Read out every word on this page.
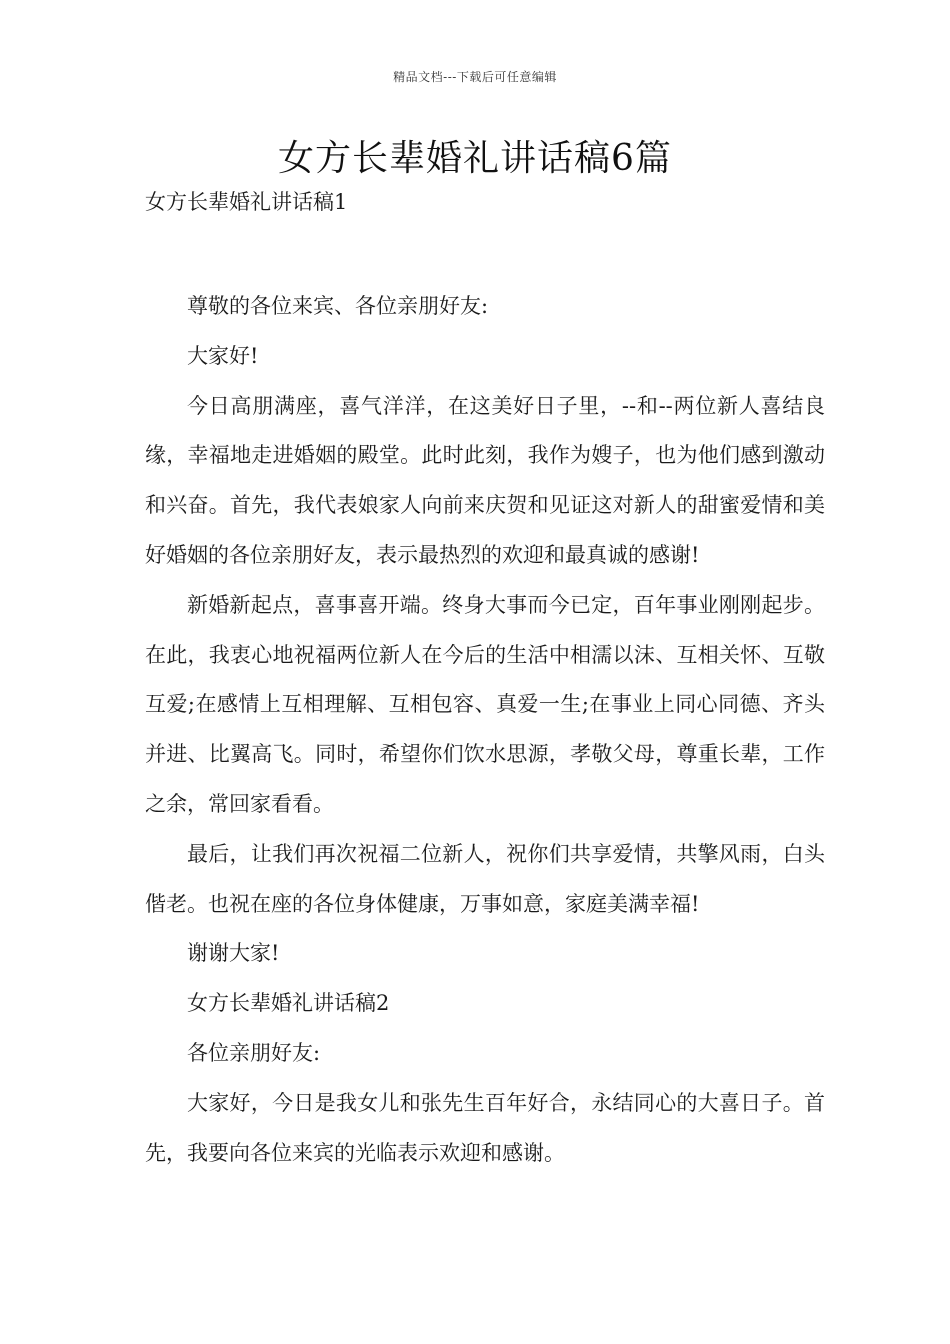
精品文档---下载后可任意编辑
女方长辈婚礼讲话稿6篇
女方长辈婚礼讲话稿1

尊敬的各位来宾、各位亲朋好友:

大家好!

今日高朋满座，喜气洋洋，在这美好日子里，--和--两位新人喜结良缘，幸福地走进婚姻的殿堂。此时此刻，我作为嫂子，也为他们感到激动和兴奋。首先，我代表娘家人向前来庆贺和见证这对新人的甜蜜爱情和美好婚姻的各位亲朋好友，表示最热烈的欢迎和最真诚的感谢!

新婚新起点，喜事喜开端。终身大事而今已定，百年事业刚刚起步。在此，我衷心地祝福两位新人在今后的生活中相濡以沫、互相关怀、互敬互爱;在感情上互相理解、互相包容、真爱一生;在事业上同心同德、齐头并进、比翼高飞。同时，希望你们饮水思源，孝敬父母，尊重长辈，工作之余，常回家看看。

最后，让我们再次祝福二位新人，祝你们共享爱情，共擎风雨，白头偕老。也祝在座的各位身体健康，万事如意，家庭美满幸福!

谢谢大家!

女方长辈婚礼讲话稿2

各位亲朋好友:

大家好，今日是我女儿和张先生百年好合，永结同心的大喜日子。首先，我要向各位来宾的光临表示欢迎和感谢。
